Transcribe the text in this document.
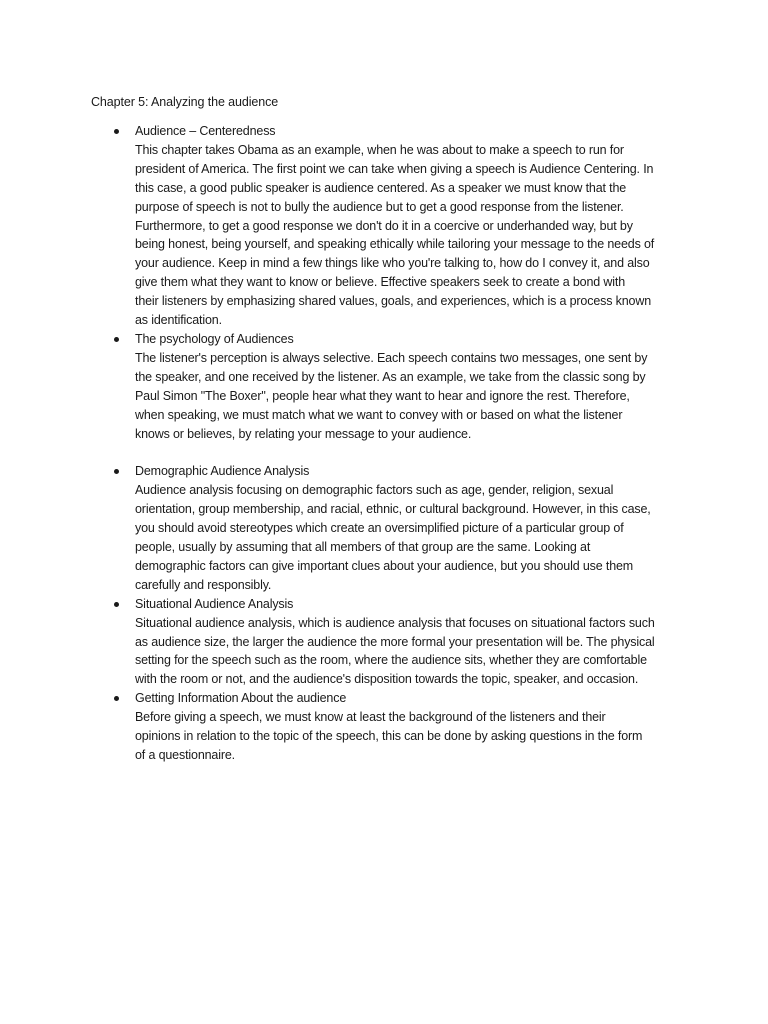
Chapter 5: Analyzing the audience
Audience – Centeredness
This chapter takes Obama as an example, when he was about to make a speech to run for
president of America. The first point we can take when giving a speech is Audience Centering. In
this case, a good public speaker is audience centered. As a speaker we must know that the
purpose of speech is not to bully the audience but to get a good response from the listener.
Furthermore, to get a good response we don't do it in a coercive or underhanded way, but by
being honest, being yourself, and speaking ethically while tailoring your message to the needs of
your audience. Keep in mind a few things like who you're talking to, how do I convey it, and also
give them what they want to know or believe. Effective speakers seek to create a bond with
their listeners by emphasizing shared values, goals, and experiences, which is a process known
as identification.
The psychology of Audiences
The listener's perception is always selective. Each speech contains two messages, one sent by
the speaker, and one received by the listener. As an example, we take from the classic song by
Paul Simon "The Boxer", people hear what they want to hear and ignore the rest. Therefore,
when speaking, we must match what we want to convey with or based on what the listener
knows or believes, by relating your message to your audience.
Demographic Audience Analysis
Audience analysis focusing on demographic factors such as age, gender, religion, sexual
orientation, group membership, and racial, ethnic, or cultural background. However, in this case,
you should avoid stereotypes which create an oversimplified picture of a particular group of
people, usually by assuming that all members of that group are the same. Looking at
demographic factors can give important clues about your audience, but you should use them
carefully and responsibly.
Situational Audience Analysis
Situational audience analysis, which is audience analysis that focuses on situational factors such
as audience size, the larger the audience the more formal your presentation will be. The physical
setting for the speech such as the room, where the audience sits, whether they are comfortable
with the room or not, and the audience's disposition towards the topic, speaker, and occasion.
Getting Information About the audience
Before giving a speech, we must know at least the background of the listeners and their
opinions in relation to the topic of the speech, this can be done by asking questions in the form
of a questionnaire.
